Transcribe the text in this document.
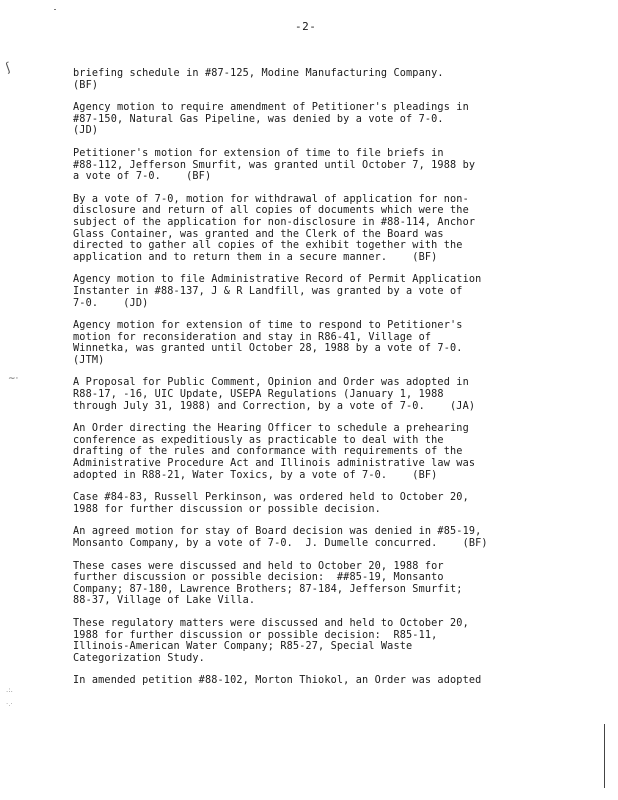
ʃ
~·
.:.
·.·
-2-

briefing schedule in #87-125, Modine Manufacturing Company.
(BF)

Agency motion to require amendment of Petitioner's pleadings in
#87-150, Natural Gas Pipeline, was denied by a vote of 7-0.
(JD)

Petitioner's motion for extension of time to file briefs in
#88-112, Jefferson Smurfit, was granted until October 7, 1988 by
a vote of 7-0.    (BF)

By a vote of 7-0, motion for withdrawal of application for non-
disclosure and return of all copies of documents which were the
subject of the application for non-disclosure in #88-114, Anchor
Glass Container, was granted and the Clerk of the Board was
directed to gather all copies of the exhibit together with the
application and to return them in a secure manner.    (BF)

Agency motion to file Administrative Record of Permit Application
Instanter in #88-137, J & R Landfill, was granted by a vote of
7-0.    (JD)

Agency motion for extension of time to respond to Petitioner's
motion for reconsideration and stay in R86-41, Village of
Winnetka, was granted until October 28, 1988 by a vote of 7-0.
(JTM)

A Proposal for Public Comment, Opinion and Order was adopted in
R88-17, -16, UIC Update, USEPA Regulations (January 1, 1988
through July 31, 1988) and Correction, by a vote of 7-0.    (JA)

An Order directing the Hearing Officer to schedule a prehearing
conference as expeditiously as practicable to deal with the
drafting of the rules and conformance with requirements of the
Administrative Procedure Act and Illinois administrative law was
adopted in R88-21, Water Toxics, by a vote of 7-0.    (BF)

Case #84-83, Russell Perkinson, was ordered held to October 20,
1988 for further discussion or possible decision.

An agreed motion for stay of Board decision was denied in #85-19,
Monsanto Company, by a vote of 7-0.  J. Dumelle concurred.    (BF)

These cases were discussed and held to October 20, 1988 for
further discussion or possible decision:  ##85-19, Monsanto
Company; 87-180, Lawrence Brothers; 87-184, Jefferson Smurfit;
88-37, Village of Lake Villa.

These regulatory matters were discussed and held to October 20,
1988 for further discussion or possible decision:  R85-11,
Illinois-American Water Company; R85-27, Special Waste
Categorization Study.

In amended petition #88-102, Morton Thiokol, an Order was adopted
